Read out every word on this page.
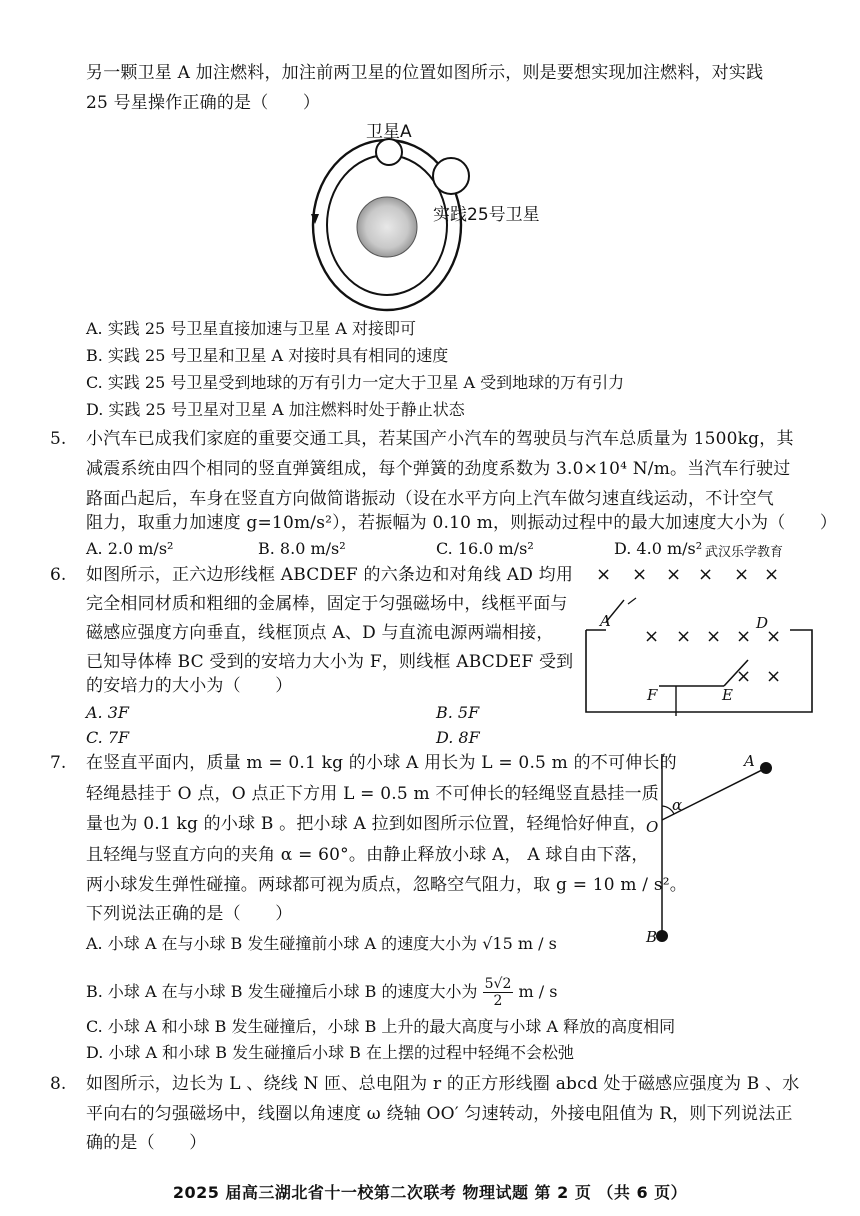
另一颗卫星 A 加注燃料，加注前两卫星的位置如图所示，则是要想实现加注燃料，对实践
25 号星操作正确的是（　　）
卫星A
实践25号卫星
A. 实践 25 号卫星直接加速与卫星 A 对接即可
B. 实践 25 号卫星和卫星 A 对接时具有相同的速度
C. 实践 25 号卫星受到地球的万有引力一定大于卫星 A 受到地球的万有引力
D. 实践 25 号卫星对卫星 A 加注燃料时处于静止状态
5. 小汽车已成我们家庭的重要交通工具，若某国产小汽车的驾驶员与汽车总质量为 1500kg，其
减震系统由四个相同的竖直弹簧组成，每个弹簧的劲度系数为 3.0×10⁴ N/m。当汽车行驶过
路面凸起后，车身在竖直方向做简谐振动（设在水平方向上汽车做匀速直线运动，不计空气
阻力，取重力加速度 g=10m/s²），若振幅为 0.10 m，则振动过程中的最大加速度大小为（　　）
A. 2.0 m/s²	B. 8.0 m/s²	C. 16.0 m/s²	D. 4.0 m/s² 武汉乐学教育
6. 如图所示，正六边形线框 ABCDEF 的六条边和对角线 AD 均用
完全相同材质和粗细的金属棒，固定于匀强磁场中，线框平面与
磁感应强度方向垂直，线框顶点 A、D 与直流电源两端相接，
已知导体棒 BC 受到的安培力大小为 F，则线框 ABCDEF 受到
的安培力的大小为（　　）
A. 3F	B. 5F
C. 7F	D. 8F
× × × × × ×
× × × × ×
× ×
A	D
F	E
7. 在竖直平面内，质量 m = 0.1 kg 的小球 A 用长为 L = 0.5 m 的不可伸长的
轻绳悬挂于 O 点，O 点正下方用 L = 0.5 m 不可伸长的轻绳竖直悬挂一质
量也为 0.1 kg 的小球 B 。把小球 A 拉到如图所示位置，轻绳恰好伸直，
且轻绳与竖直方向的夹角 α = 60°。由静止释放小球 A， A 球自由下落，
两小球发生弹性碰撞。两球都可视为质点，忽略空气阻力，取 g = 10 m / s²。
下列说法正确的是（　　）
A. 小球 A 在与小球 B 发生碰撞前小球 A 的速度大小为 √15 m / s
B. 小球 A 在与小球 B 发生碰撞后小球 B 的速度大小为 $\frac{5√2}{2}$ m / s
C. 小球 A 和小球 B 发生碰撞后，小球 B 上升的最大高度与小球 A 释放的高度相同
D. 小球 A 和小球 B 发生碰撞后小球 B 在上摆的过程中轻绳不会松弛
A
O
α
B
8. 如图所示，边长为 L 、绕线 N 匝、总电阻为 r 的正方形线圈 abcd 处于磁感应强度为 B 、水
平向右的匀强磁场中，线圈以角速度 ω 绕轴 OO′ 匀速转动，外接电阻值为 R，则下列说法正
确的是（　　）
2025 届高三湖北省十一校第二次联考 物理试题 第 2 页 （共 6 页）
